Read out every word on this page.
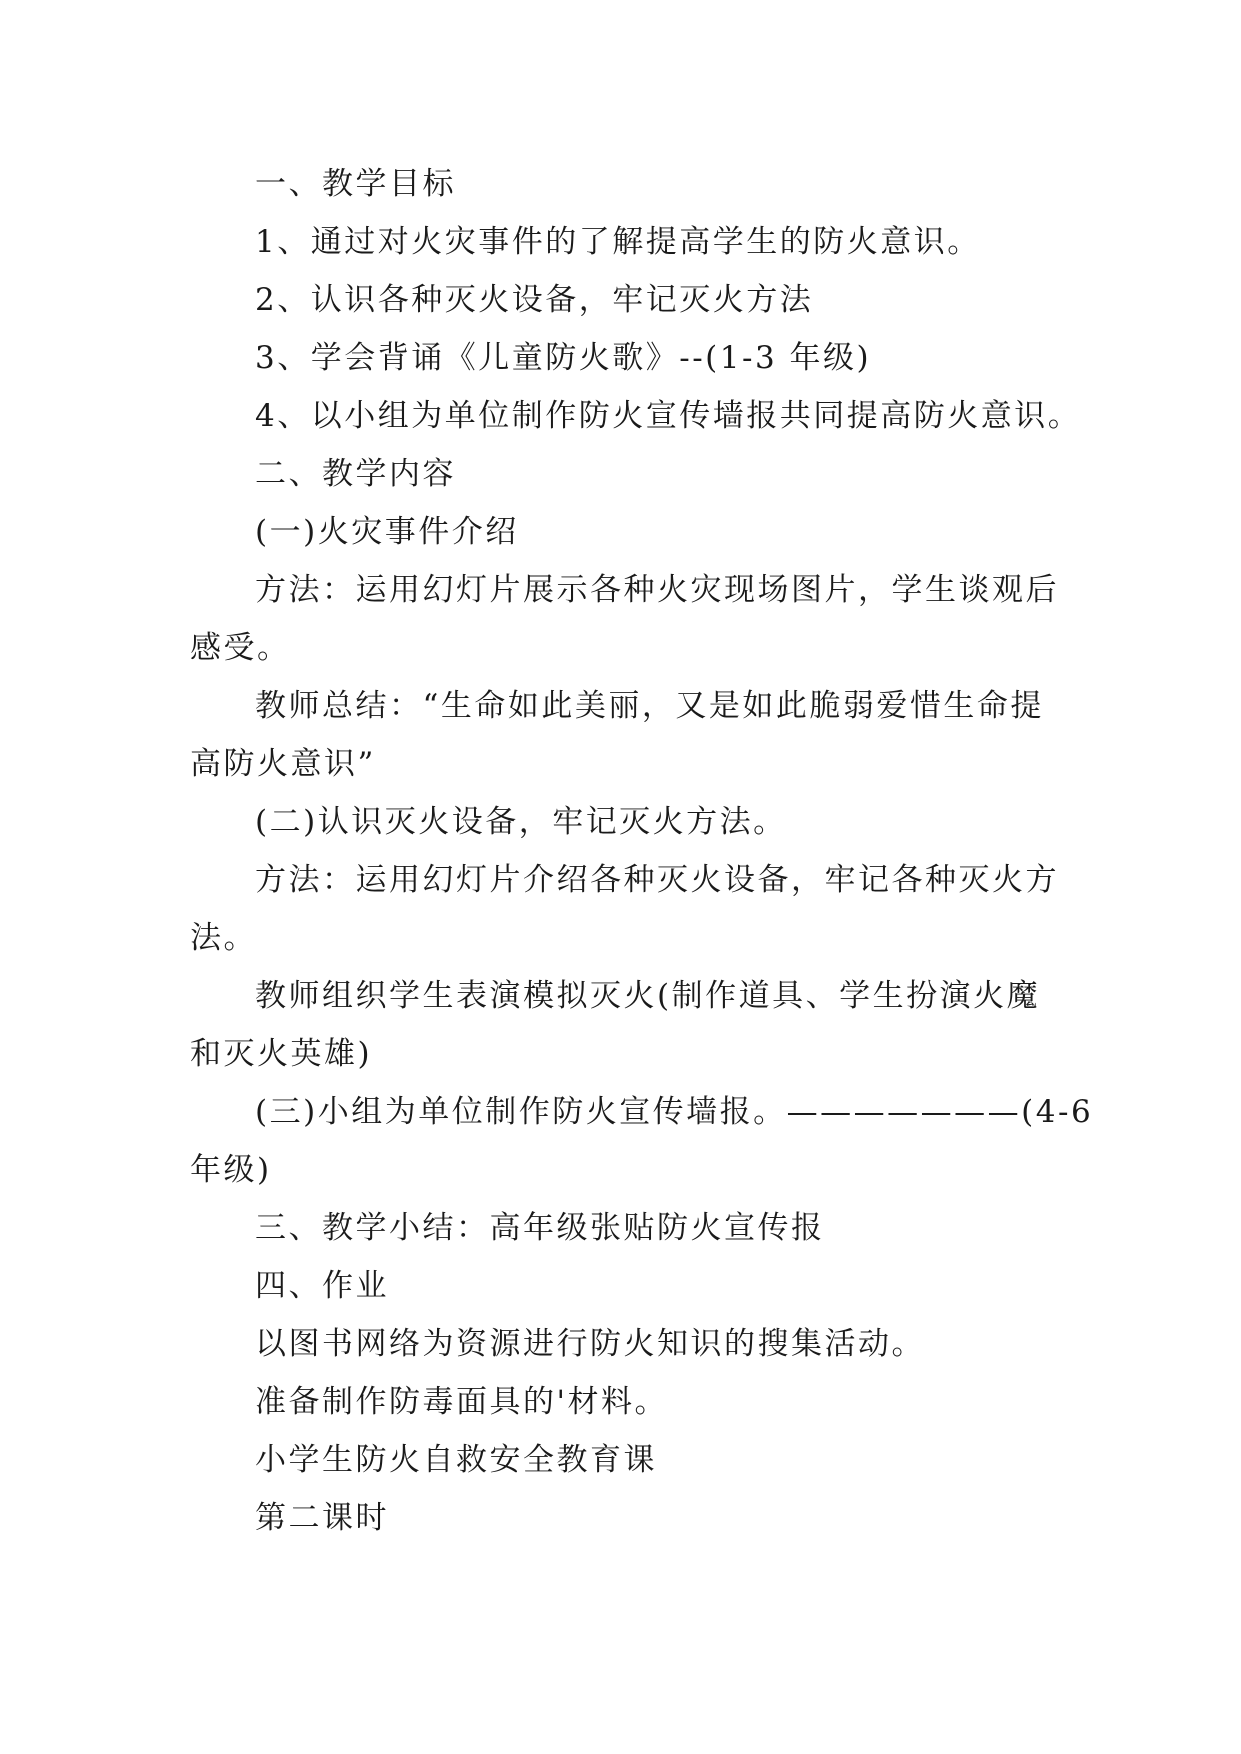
一、教学目标
1、通过对火灾事件的了解提高学生的防火意识。
2、认识各种灭火设备，牢记灭火方法
3、学会背诵《儿童防火歌》--(1-3 年级)
4、以小组为单位制作防火宣传墙报共同提高防火意识。
二、教学内容
(一)火灾事件介绍
方法：运用幻灯片展示各种火灾现场图片，学生谈观后
感受。
教师总结：“生命如此美丽，又是如此脆弱爱惜生命提
高防火意识”
(二)认识灭火设备，牢记灭火方法。
方法：运用幻灯片介绍各种灭火设备，牢记各种灭火方
法。
教师组织学生表演模拟灭火(制作道具、学生扮演火魔
和灭火英雄)
(三)小组为单位制作防火宣传墙报。———————(4-6
年级)
三、教学小结：高年级张贴防火宣传报
四、作业
以图书网络为资源进行防火知识的搜集活动。
准备制作防毒面具的'材料。
小学生防火自救安全教育课
第二课时
